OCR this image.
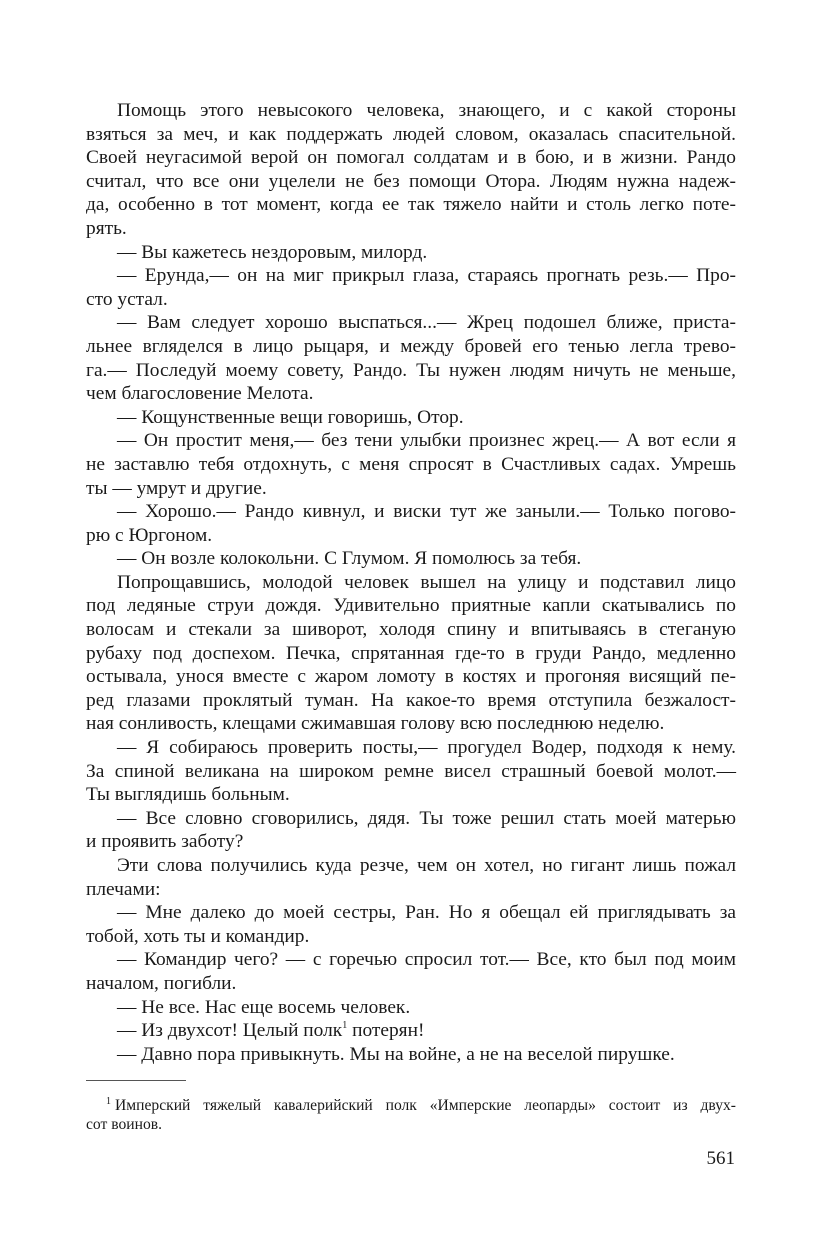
Помощь этого невысокого человека, знающего, и с какой стороны
взяться за меч, и как поддержать людей словом, оказалась спасительной.
Своей неугасимой верой он помогал солдатам и в бою, и в жизни. Рандо
считал, что все они уцелели не без помощи Отора. Людям нужна надеж-
да, особенно в тот момент, когда ее так тяжело найти и столь легко поте-
рять.
— Вы кажетесь нездоровым, милорд.
— Ерунда,— он на миг прикрыл глаза, стараясь прогнать резь.— Про-
сто устал.
— Вам следует хорошо выспаться...— Жрец подошел ближе, приста-
льнее вгляделся в лицо рыцаря, и между бровей его тенью легла трево-
га.— Последуй моему совету, Рандо. Ты нужен людям ничуть не меньше,
чем благословение Мелота.
— Кощунственные вещи говоришь, Отор.
— Он простит меня,— без тени улыбки произнес жрец.— А вот если я
не заставлю тебя отдохнуть, с меня спросят в Счастливых садах. Умрешь
ты — умрут и другие.
— Хорошо.— Рандо кивнул, и виски тут же заныли.— Только погово-
рю с Юргоном.
— Он возле колокольни. С Глумом. Я помолюсь за тебя.
Попрощавшись, молодой человек вышел на улицу и подставил лицо
под ледяные струи дождя. Удивительно приятные капли скатывались по
волосам и стекали за шиворот, холодя спину и впитываясь в стеганую
рубаху под доспехом. Печка, спрятанная где-то в груди Рандо, медленно
остывала, унося вместе с жаром ломоту в костях и прогоняя висящий пе-
ред глазами проклятый туман. На какое-то время отступила безжалост-
ная сонливость, клещами сжимавшая голову всю последнюю неделю.
— Я собираюсь проверить посты,— прогудел Водер, подходя к нему.
За спиной великана на широком ремне висел страшный боевой молот.—
Ты выглядишь больным.
— Все словно сговорились, дядя. Ты тоже решил стать моей матерью
и проявить заботу?
Эти слова получились куда резче, чем он хотел, но гигант лишь пожал
плечами:
— Мне далеко до моей сестры, Ран. Но я обещал ей приглядывать за
тобой, хоть ты и командир.
— Командир чего? — с горечью спросил тот.— Все, кто был под моим
началом, погибли.
— Не все. Нас еще восемь человек.
— Из двухсот! Целый полк$^1$ потерян!
— Давно пора привыкнуть. Мы на войне, а не на веселой пирушке.
$^1$ Имперский тяжелый кавалерийский полк «Имперские леопарды» состоит из двух-
сот воинов.
561
